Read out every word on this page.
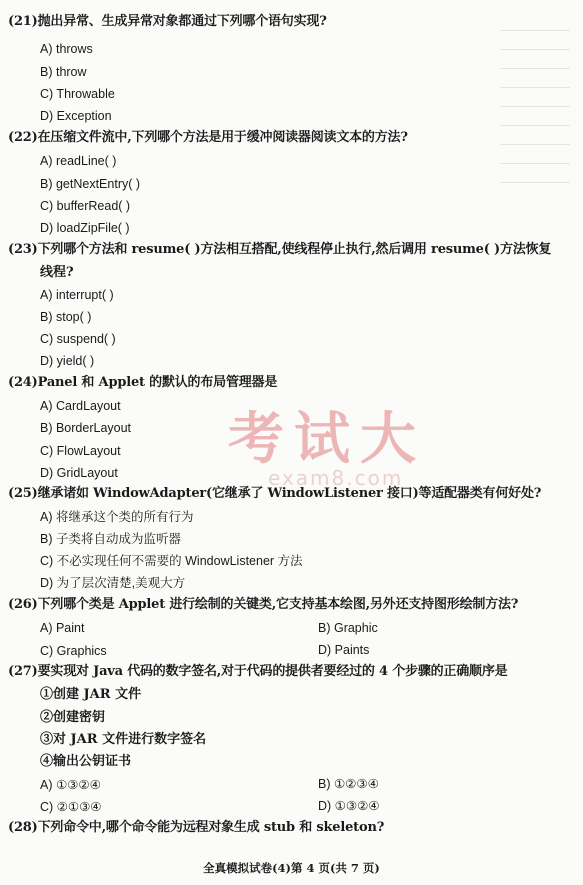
(21)抛出异常、生成异常对象都通过下列哪个语句实现?
A) throws
B) throw
C) Throwable
D) Exception
(22)在压缩文件流中,下列哪个方法是用于缓冲阅读器阅读文本的方法?
A) readLine( )
B) getNextEntry( )
C) bufferRead( )
D) loadZipFile( )
(23)下列哪个方法和 resume( )方法相互搭配,使线程停止执行,然后调用 resume( )方法恢复
线程?
A) interrupt( )
B) stop( )
C) suspend( )
D) yield( )
(24)Panel 和 Applet 的默认的布局管理器是
A) CardLayout
B) BorderLayout
C) FlowLayout
D) GridLayout
(25)继承诸如 WindowAdapter(它继承了 WindowListener 接口)等适配器类有何好处?
A) 将继承这个类的所有行为
B) 子类将自动成为监听器
C) 不必实现任何不需要的 WindowListener 方法
D) 为了层次清楚,美观大方
(26)下列哪个类是 Applet 进行绘制的关键类,它支持基本绘图,另外还支持图形绘制方法?
A) Paint	B) Graphic
C) Graphics	D) Paints
(27)要实现对 Java 代码的数字签名,对于代码的提供者要经过的 4 个步骤的正确顺序是
①创建 JAR 文件
②创建密钥
③对 JAR 文件进行数字签名
④输出公钥证书
A) ①③②④	B) ①②③④
C) ②①③④	D) ①③②④
(28)下列命令中,哪个命令能为远程对象生成 stub 和 skeleton?
考试大
exam8.com
全真模拟试卷(4)第 4 页(共 7 页)
